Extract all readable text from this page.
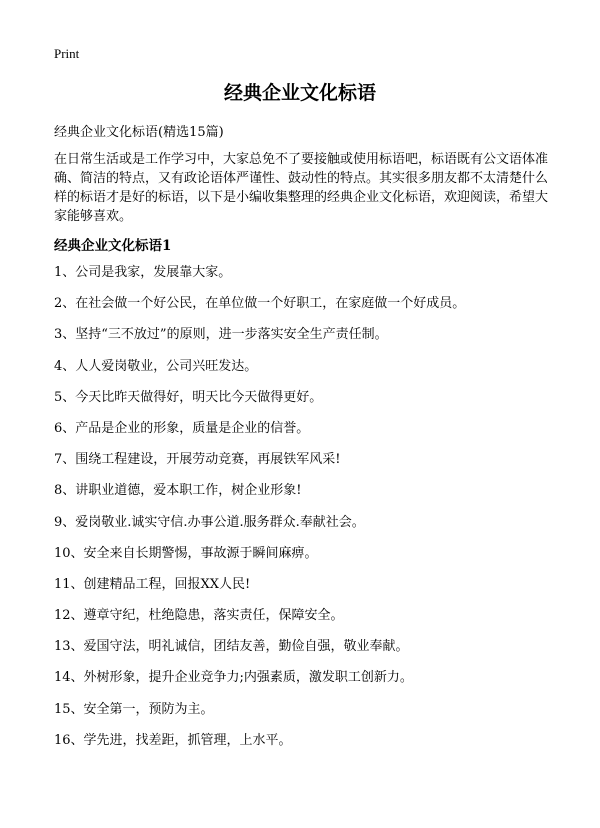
Print
经典企业文化标语

经典企业文化标语(精选15篇)

在日常生活或是工作学习中，大家总免不了要接触或使用标语吧，标语既有公文语体准确、简洁的特点，又有政论语体严谨性、鼓动性的特点。其实很多朋友都不太清楚什么样的标语才是好的标语，以下是小编收集整理的经典企业文化标语，欢迎阅读，希望大家能够喜欢。

经典企业文化标语1
1、公司是我家，发展靠大家。
2、在社会做一个好公民，在单位做一个好职工，在家庭做一个好成员。
3、坚持“三不放过”的原则，进一步落实安全生产责任制。
4、人人爱岗敬业，公司兴旺发达。
5、今天比昨天做得好，明天比今天做得更好。
6、产品是企业的形象，质量是企业的信誉。
7、围绕工程建设，开展劳动竞赛，再展铁军风采!
8、讲职业道德，爱本职工作，树企业形象!
9、爱岗敬业.诚实守信.办事公道.服务群众.奉献社会。
10、安全来自长期警惕，事故源于瞬间麻痹。
11、创建精品工程，回报XX人民!
12、遵章守纪，杜绝隐患，落实责任，保障安全。
13、爱国守法，明礼诚信，团结友善，勤俭自强，敬业奉献。
14、外树形象，提升企业竞争力;内强素质，激发职工创新力。
15、安全第一，预防为主。
16、学先进，找差距，抓管理，上水平。
